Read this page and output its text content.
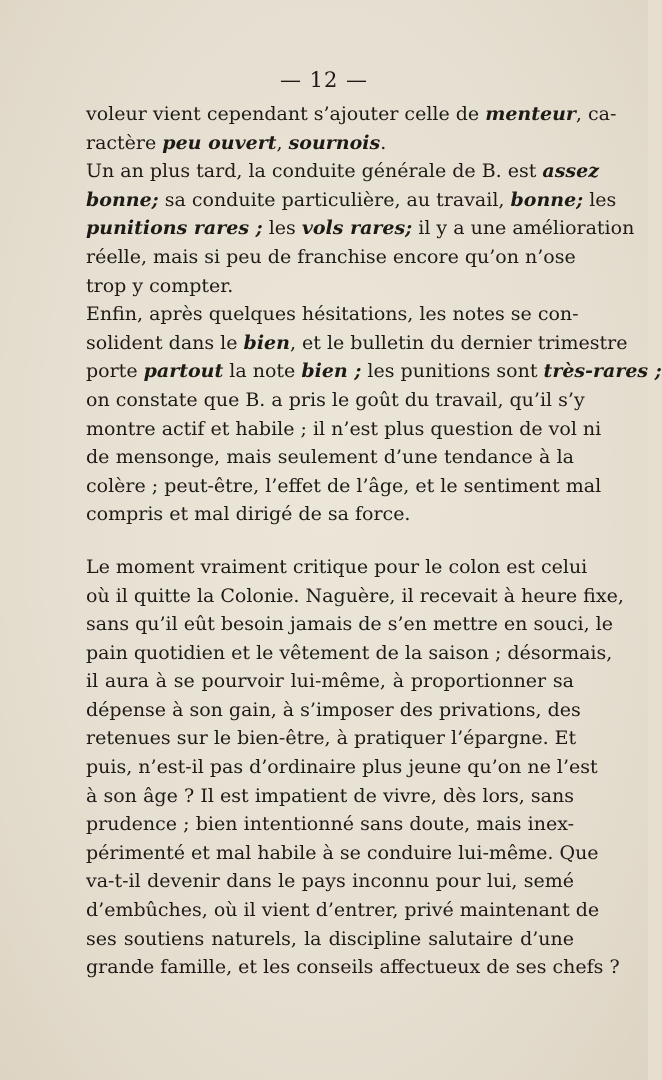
— 12 —

voleur vient cependant s’ajouter celle de menteur, ca-
ractère peu ouvert, sournois.

Un an plus tard, la conduite générale de B. est assez
bonne; sa conduite particulière, au travail, bonne; les
punitions rares ; les vols rares; il y a une amélioration
réelle, mais si peu de franchise encore qu’on n’ose
trop y compter.

Enfin, après quelques hésitations, les notes se con-
solident dans le bien, et le bulletin du dernier trimestre
porte partout la note bien ; les punitions sont très-rares ;
on constate que B. a pris le goût du travail, qu’il s’y
montre actif et habile ; il n’est plus question de vol ni
de mensonge, mais seulement d’une tendance à la
colère ; peut-être, l’effet de l’âge, et le sentiment mal
compris et mal dirigé de sa force.

Le moment vraiment critique pour le colon est celui
où il quitte la Colonie. Naguère, il recevait à heure fixe,
sans qu’il eût besoin jamais de s’en mettre en souci, le
pain quotidien et le vêtement de la saison ; désormais,
il aura à se pourvoir lui-même, à proportionner sa
dépense à son gain, à s’imposer des privations, des
retenues sur le bien-être, à pratiquer l’épargne. Et
puis, n’est-il pas d’ordinaire plus jeune qu’on ne l’est
à son âge ? Il est impatient de vivre, dès lors, sans
prudence ; bien intentionné sans doute, mais inex-
périmenté et mal habile à se conduire lui-même. Que
va-t-il devenir dans le pays inconnu pour lui, semé
d’embûches, où il vient d’entrer, privé maintenant de
ses soutiens naturels, la discipline salutaire d’une
grande famille, et les conseils affectueux de ses chefs ?
